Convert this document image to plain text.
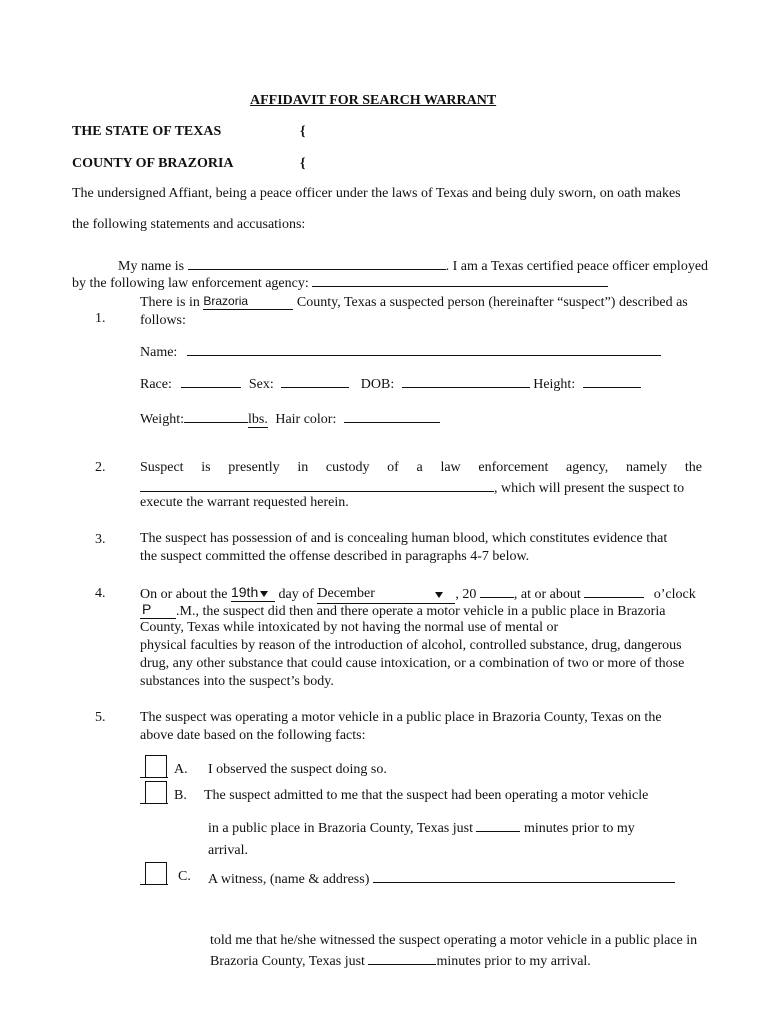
AFFIDAVIT FOR SEARCH WARRANT
THE STATE OF TEXAS	{
COUNTY OF BRAZORIA	{
The undersigned Affiant, being a peace officer under the laws of Texas and being duly sworn, on oath makes
the following statements and accusations:
My name is	. I am a Texas certified peace officer employed
by the following law enforcement agency:
1.
There is in Brazoria	County, Texas a suspected person (hereinafter “suspect”) described as
follows:
Name:
Race:	Sex:	DOB:	Height:
Weight:	lbs. Hair color:
2. Suspect is presently in custody of a law enforcement agency, namely the
, which will present the suspect to
execute the warrant requested herein.
3. The suspect has possession of and is concealing human blood, which constitutes evidence that
the suspect committed the offense described in paragraphs 4-7 below.
4. On or about the 19th day of December	, 20	, at or about	o’clock
P .M., the suspect did then and there operate a motor vehicle in a public place in Brazoria
County, Texas while intoxicated by not having the normal use of mental or
physical faculties by reason of the introduction of alcohol, controlled substance, drug, dangerous
drug, any other substance that could cause intoxication, or a combination of two or more of those
substances into the suspect’s body.
5. The suspect was operating a motor vehicle in a public place in Brazoria County, Texas on the
above date based on the following facts:
A. I observed the suspect doing so.
B. The suspect admitted to me that the suspect had been operating a motor vehicle
in a public place in Brazoria County, Texas just	minutes prior to my
arrival.
C. A witness, (name & address)
told me that he/she witnessed the suspect operating a motor vehicle in a public place in
Brazoria County, Texas just	minutes prior to my arrival.
